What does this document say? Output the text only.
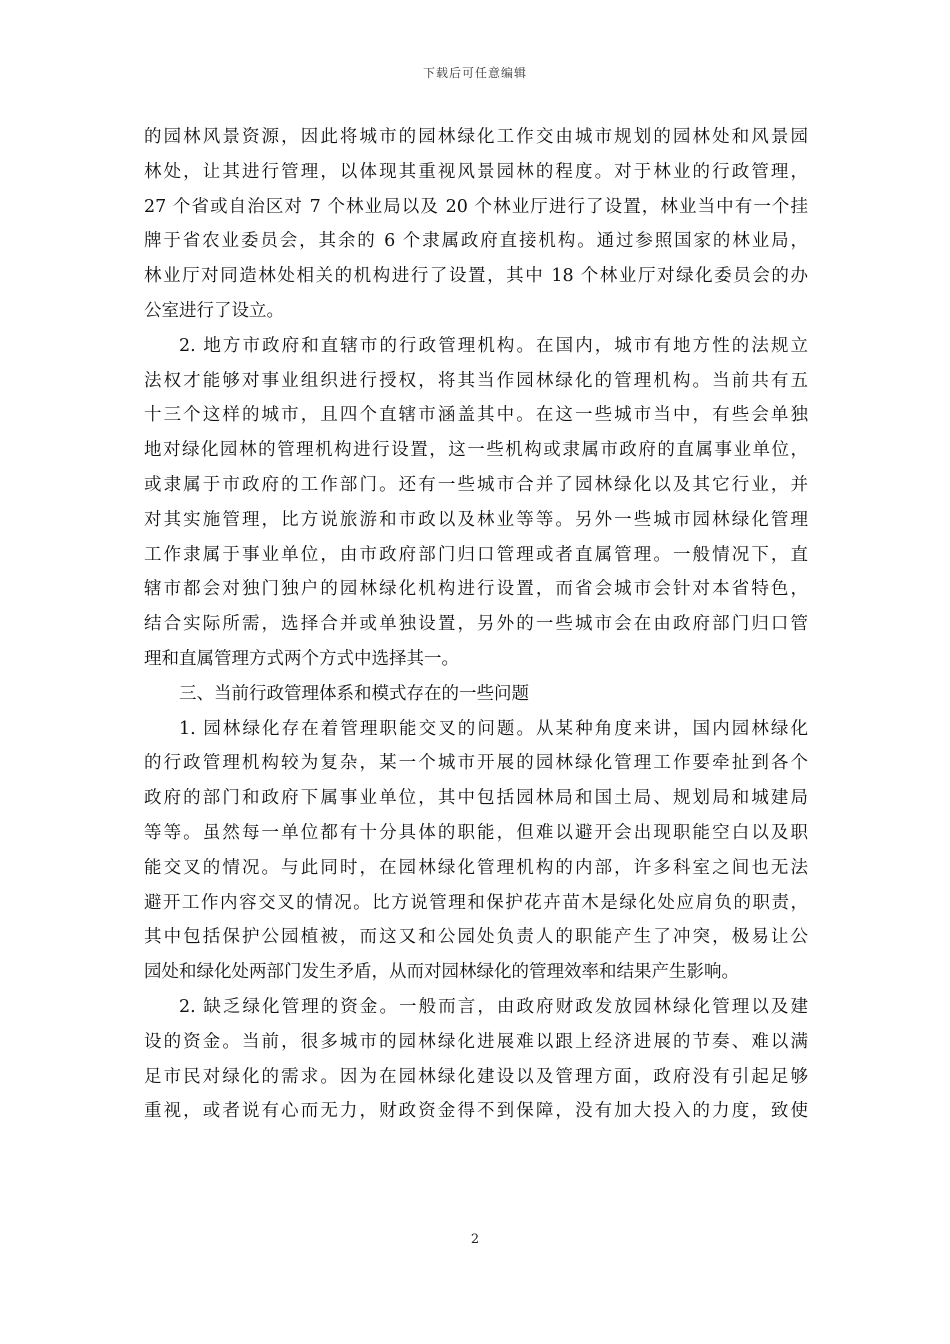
下载后可任意编辑
的园林风景资源，因此将城市的园林绿化工作交由城市规划的园林处和风景园
林处，让其进行管理，以体现其重视风景园林的程度。对于林业的行政管理，
27 个省或自治区对 7 个林业局以及 20 个林业厅进行了设置，林业当中有一个挂
牌于省农业委员会，其余的 6 个隶属政府直接机构。通过参照国家的林业局，
林业厅对同造林处相关的机构进行了设置，其中 18 个林业厅对绿化委员会的办
公室进行了设立。
2. 地方市政府和直辖市的行政管理机构。在国内，城市有地方性的法规立
法权才能够对事业组织进行授权，将其当作园林绿化的管理机构。当前共有五
十三个这样的城市，且四个直辖市涵盖其中。在这一些城市当中，有些会单独
地对绿化园林的管理机构进行设置，这一些机构或隶属市政府的直属事业单位，
或隶属于市政府的工作部门。还有一些城市合并了园林绿化以及其它行业，并
对其实施管理，比方说旅游和市政以及林业等等。另外一些城市园林绿化管理
工作隶属于事业单位，由市政府部门归口管理或者直属管理。一般情况下，直
辖市都会对独门独户的园林绿化机构进行设置，而省会城市会针对本省特色，
结合实际所需，选择合并或单独设置，另外的一些城市会在由政府部门归口管
理和直属管理方式两个方式中选择其一。
三、当前行政管理体系和模式存在的一些问题
1. 园林绿化存在着管理职能交叉的问题。从某种角度来讲，国内园林绿化
的行政管理机构较为复杂，某一个城市开展的园林绿化管理工作要牵扯到各个
政府的部门和政府下属事业单位，其中包括园林局和国土局、规划局和城建局
等等。虽然每一单位都有十分具体的职能，但难以避开会出现职能空白以及职
能交叉的情况。与此同时，在园林绿化管理机构的内部，许多科室之间也无法
避开工作内容交叉的情况。比方说管理和保护花卉苗木是绿化处应肩负的职责，
其中包括保护公园植被，而这又和公园处负责人的职能产生了冲突，极易让公
园处和绿化处两部门发生矛盾，从而对园林绿化的管理效率和结果产生影响。
2. 缺乏绿化管理的资金。一般而言，由政府财政发放园林绿化管理以及建
设的资金。当前，很多城市的园林绿化进展难以跟上经济进展的节奏、难以满
足市民对绿化的需求。因为在园林绿化建设以及管理方面，政府没有引起足够
重视，或者说有心而无力，财政资金得不到保障，没有加大投入的力度，致使
2
